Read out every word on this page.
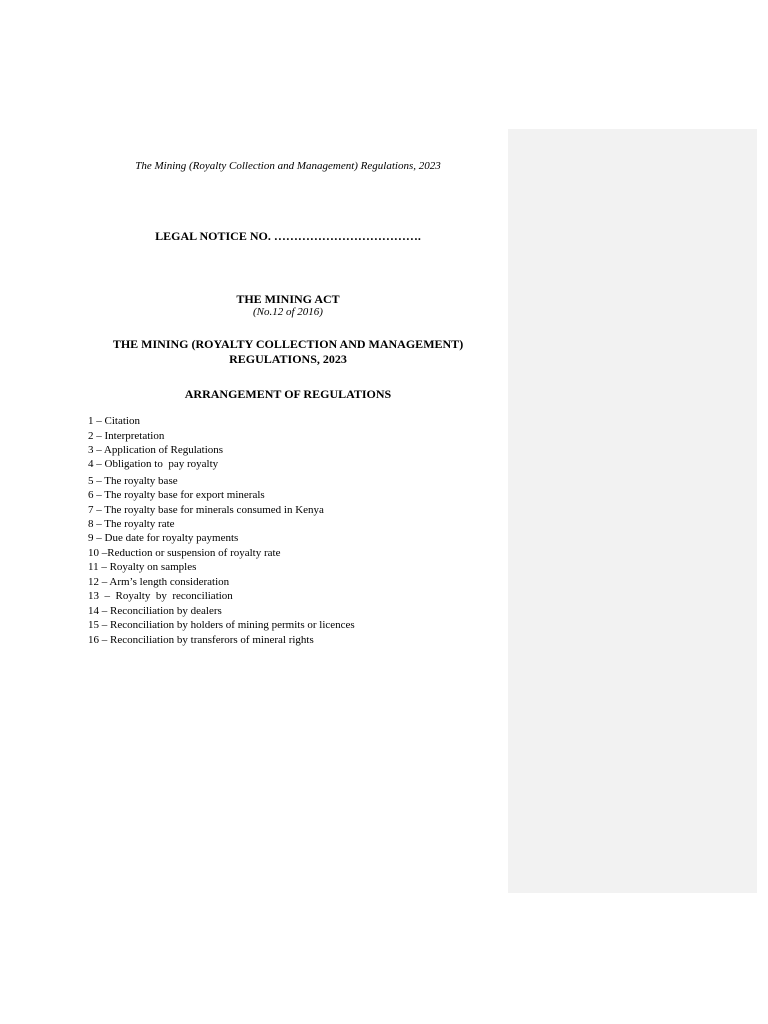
The Mining (Royalty Collection and Management) Regulations, 2023
LEGAL NOTICE NO. ……………………………….
THE MINING ACT
(No.12 of 2016)
THE MINING (ROYALTY COLLECTION AND MANAGEMENT)
REGULATIONS, 2023
ARRANGEMENT OF REGULATIONS
1 – Citation
2 – Interpretation
3 – Application of Regulations
4 – Obligation to  pay royalty
5 – The royalty base
6 – The royalty base for export minerals
7 – The royalty base for minerals consumed in Kenya
8 – The royalty rate
9 – Due date for royalty payments
10 –Reduction or suspension of royalty rate
11 – Royalty on samples
12 – Arm’s length consideration
13  –  Royalty  by  reconciliation
14 – Reconciliation by dealers
15 – Reconciliation by holders of mining permits or licences
16 – Reconciliation by transferors of mineral rights
